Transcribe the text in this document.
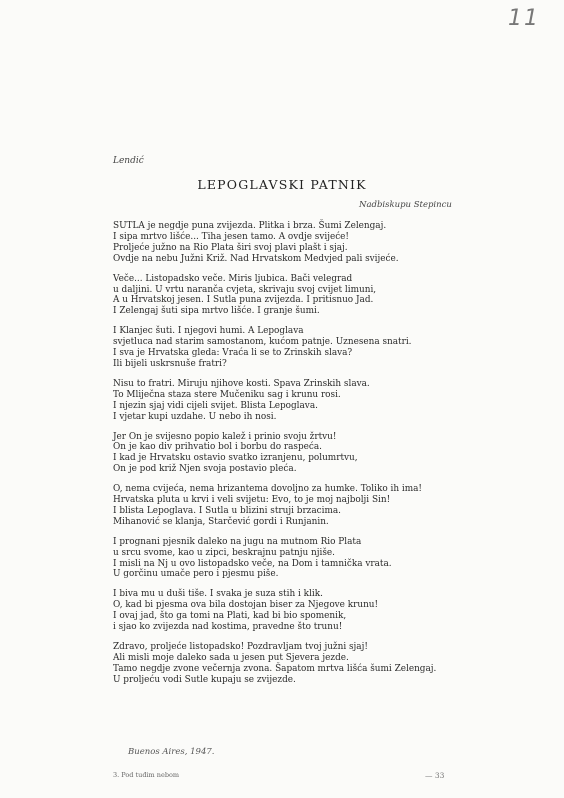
11
Lendić
LEPOGLAVSKI PATNIK
Nadbiskupu Stepincu
SUTLA je negdje puna zvijezda. Plitka i brza. Šumi Zelengaj.
I sipa mrtvo lišće... Tiha jesen tamo. A ovdje svijeće!
Proljeće južno na Rio Plata širi svoj plavi plašt i sjaj.
Ovdje na nebu Južni Križ. Nad Hrvatskom Medvjed pali svijeće.
Veče... Listopadsko veče. Miris ljubica. Bači velegrad
u daljini. U vrtu naranča cvjeta, skrivaju svoj cvijet limuni,
A u Hrvatskoj jesen. I Sutla puna zvijezda. I pritisnuo Jad.
I Zelengaj šuti sipa mrtvo lišće. I granje šumi.
I Klanjec šuti. I njegovi humi. A Lepoglava
svjetluca nad starim samostanom, kućom patnje. Uznesena snatri.
I sva je Hrvatska gleda: Vraća li se to Zrinskih slava?
Ili bijeli uskrsnuše fratri?
Nisu to fratri. Miruju njihove kosti. Spava Zrinskih slava.
To Mliječna staza stere Mučeniku sag i krunu rosi.
I njezin sjaj vidi cijeli svijet. Blista Lepoglava.
I vjetar kupi uzdahe. U nebo ih nosi.
Jer On je svijesno popio kalež i prinio svoju žrtvu!
On je kao div prihvatio bol i borbu do raspeća.
I kad je Hrvatsku ostavio svatko izranjenu, polumrtvu,
On je pod križ Njen svoja postavio pleća.
O, nema cvijeća, nema hrizantema dovoljno za humke. Toliko ih ima!
Hrvatska pluta u krvi i veli svijetu: Evo, to je moj najbolji Sin!
I blista Lepoglava. I Sutla u blizini struji brzacima.
Mihanović se klanja, Starčević gordi i Runjanin.
I prognani pjesnik daleko na jugu na mutnom Rio Plata
u srcu svome, kao u zipci, beskrajnu patnju njiše.
I misli na Nj u ovo listopadsko veče, na Dom i tamnička vrata.
U gorčinu umače pero i pjesmu piše.
I biva mu u duši tiše. I svaka je suza stih i klik.
O, kad bi pjesma ova bila dostojan biser za Njegove krunu!
I ovaj jad, što ga tomi na Plati, kad bi bio spomenik,
i sjao ko zvijezda nad kostima, pravedne što trunu!
Zdravo, proljeće listopadsko! Pozdravljam tvoj južni sjaj!
Ali misli moje daleko sada u jesen put Sjevera jezde.
Tamo negdje zvone večernja zvona. Šapatom mrtva lišća šumi Zelengaj.
U proljeću vodi Sutle kupaju se zvijezde.
Buenos Aires, 1947.
3. Pod tuđim nebom	— 33
